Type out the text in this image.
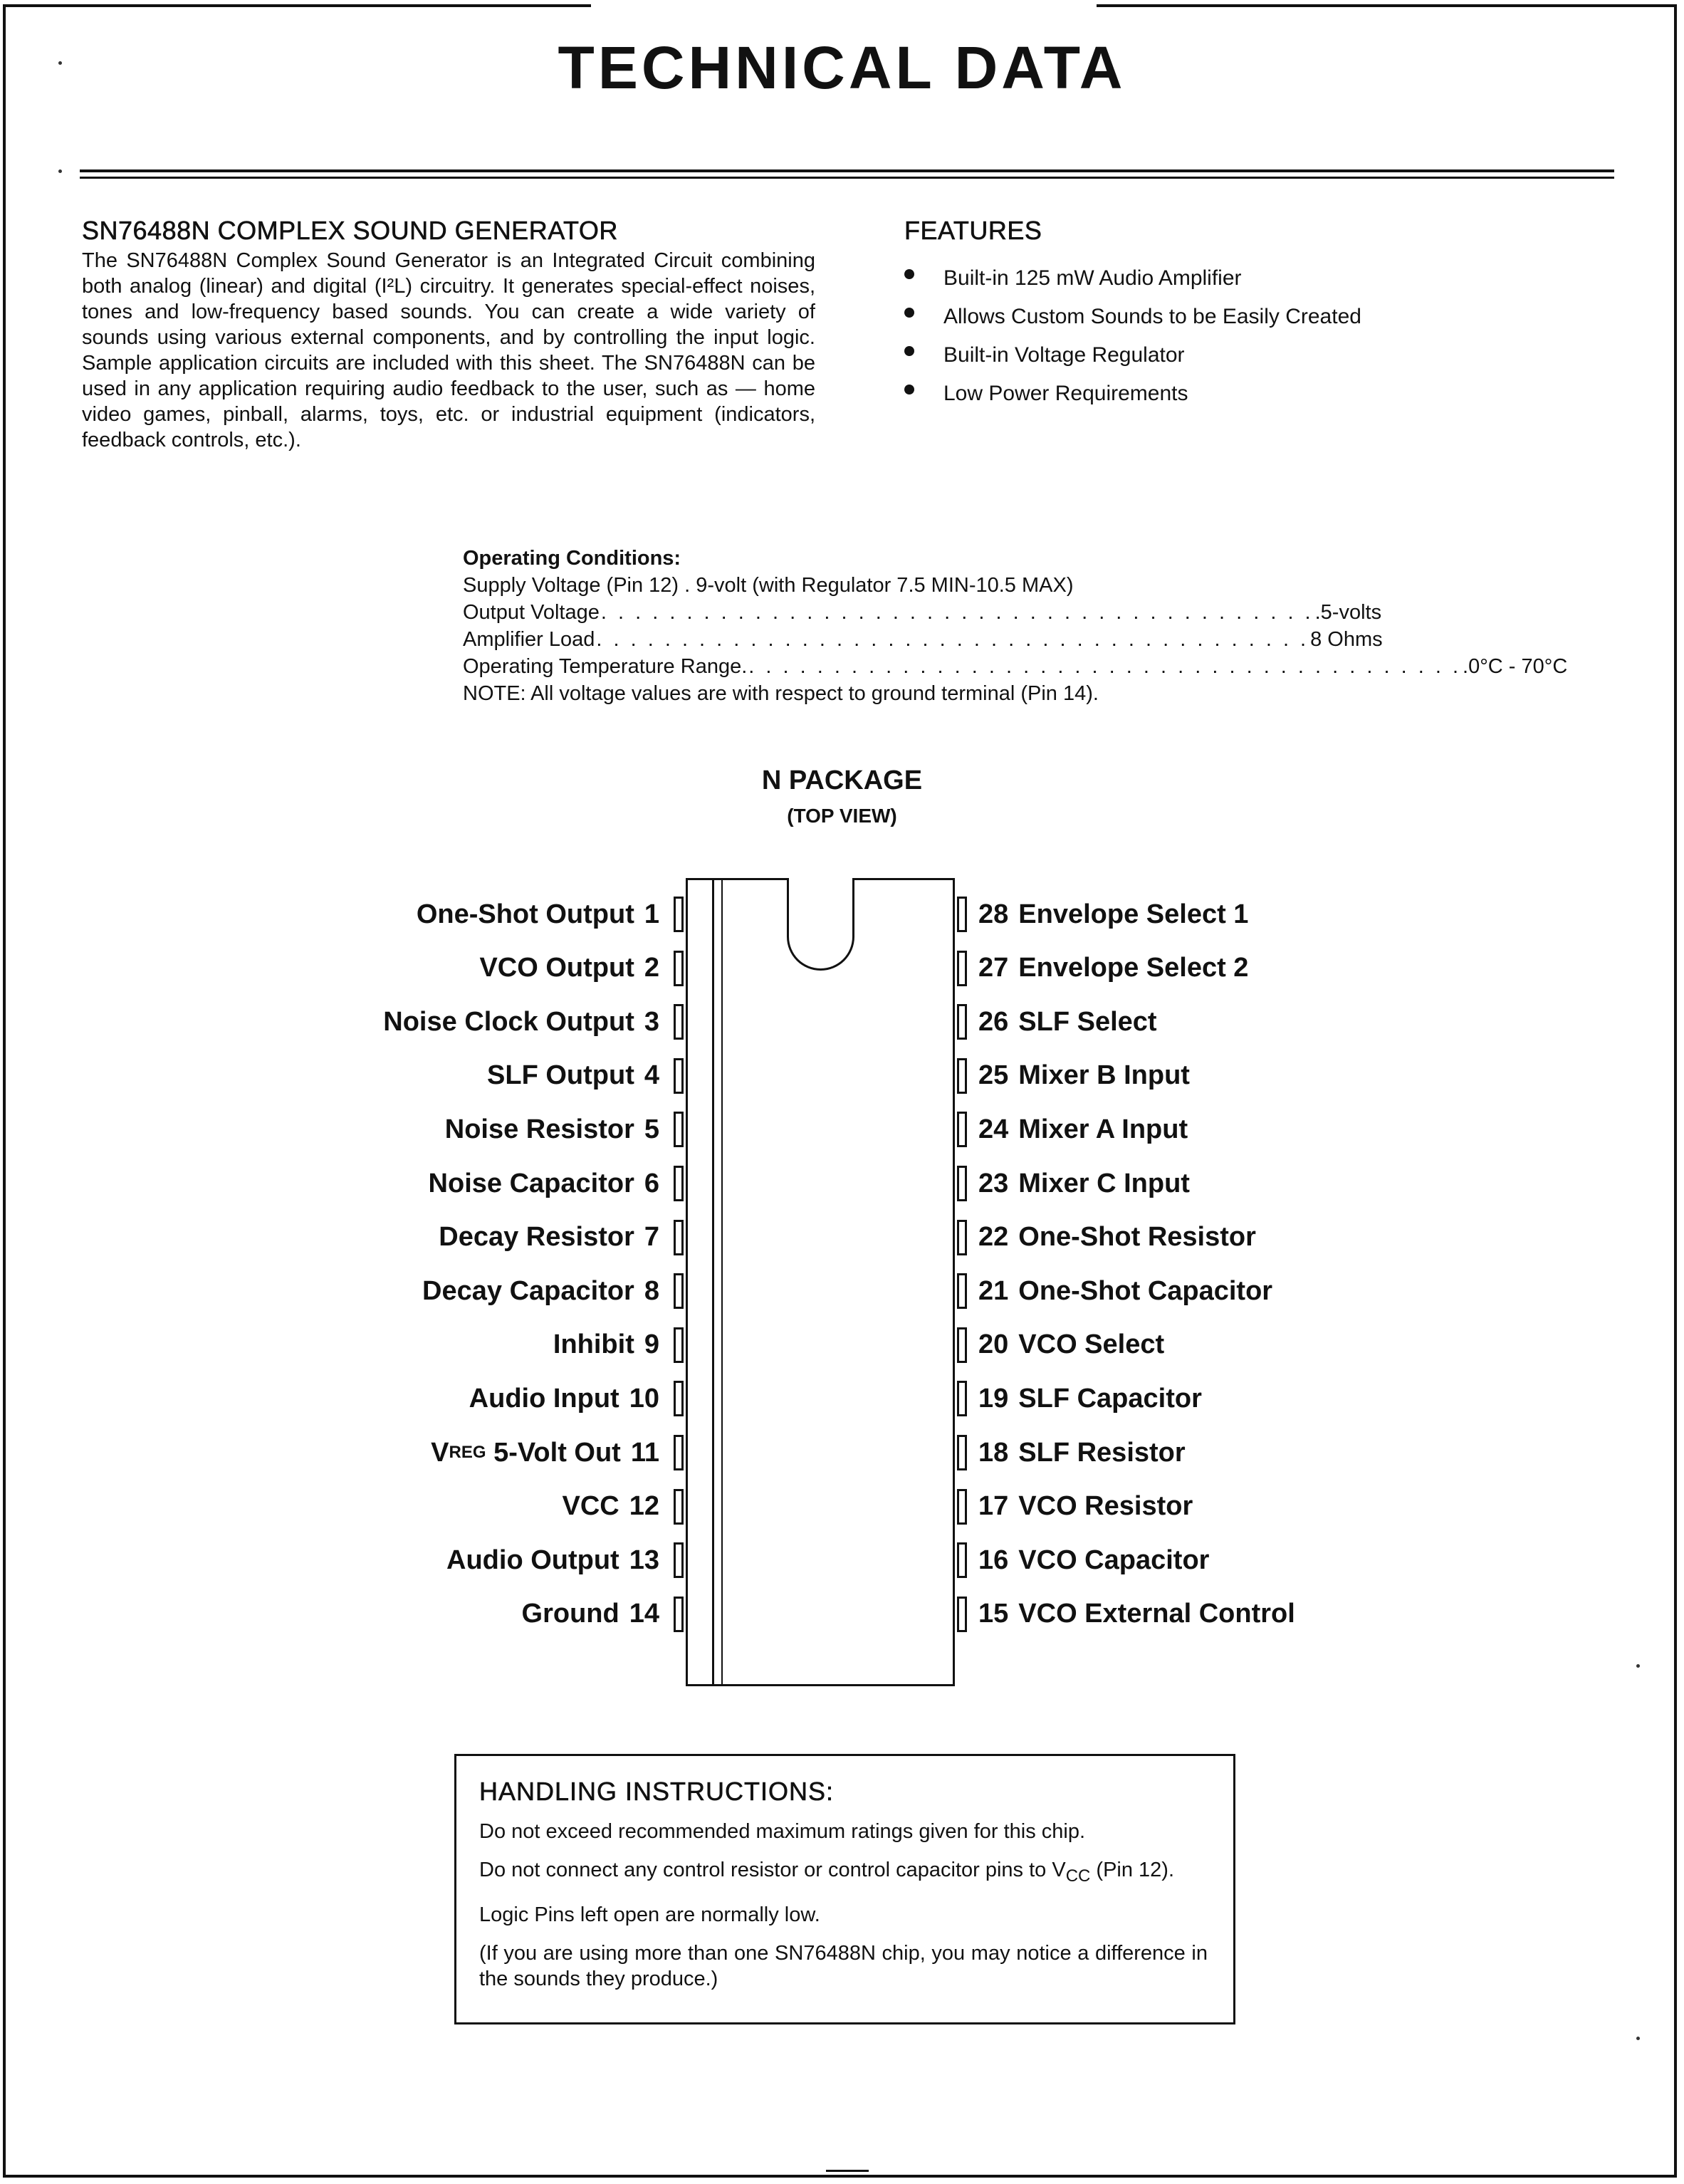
TECHNICAL DATA
SN76488N COMPLEX SOUND GENERATOR

The SN76488N Complex Sound Generator is an Integrated Circuit combining both analog (linear) and digital (I²L) circuitry. It generates special-effect noises, tones and low-frequency based sounds. You can create a wide variety of sounds using various external components, and by controlling the input logic. Sample application circuits are included with this sheet. The SN76488N can be used in any application requiring audio feedback to the user, such as — home video games, pinball, alarms, toys, etc. or industrial equipment (indicators, feedback controls, etc.).

FEATURES
Built-in 125 mW Audio Amplifier
Allows Custom Sounds to be Easily Created
Built-in Voltage Regulator
Low Power Requirements
Operating Conditions:
Supply Voltage (Pin 12) . 9-volt (with Regulator 7.5 MIN-10.5 MAX)
Output Voltage . . . . . . . . . . . . . . . . . . . . . . . . . . . . . . . . . . . . . . . . . . .5-volts
Amplifier Load . . . . . . . . . . . . . . . . . . . . . . . . . . . . . . . . . . . . . . . . . . 8 Ohms
Operating Temperature Range. . . . . . . . . . . . . . . . . . . . . . . . . . . . . . . . . . . . . . . . . . . .0°C - 70°C
NOTE: All voltage values are with respect to ground terminal (Pin 14).
N PACKAGE
(TOP VIEW)
One-Shot Output 1
VCO Output 2
Noise Clock Output 3
SLF Output 4
Noise Resistor 5
Noise Capacitor 6
Decay Resistor 7
Decay Capacitor 8
Inhibit 9
Audio Input 10
V REG 5-Volt Out 11
VCC 12
Audio Output 13
Ground 14
28 Envelope Select 1
27 Envelope Select 2
26 SLF Select
25 Mixer B Input
24 Mixer A Input
23 Mixer C Input
22 One-Shot Resistor
21 One-Shot Capacitor
20 VCO Select
19 SLF Capacitor
18 SLF Resistor
17 VCO Resistor
16 VCO Capacitor
15 VCO External Control
HANDLING INSTRUCTIONS:

Do not exceed recommended maximum ratings given for this chip.

Do not connect any control resistor or control capacitor pins to $V_{CC}$ (Pin 12).

Logic Pins left open are normally low.

(If you are using more than one SN76488N chip, you may notice a difference in the sounds they produce.)
